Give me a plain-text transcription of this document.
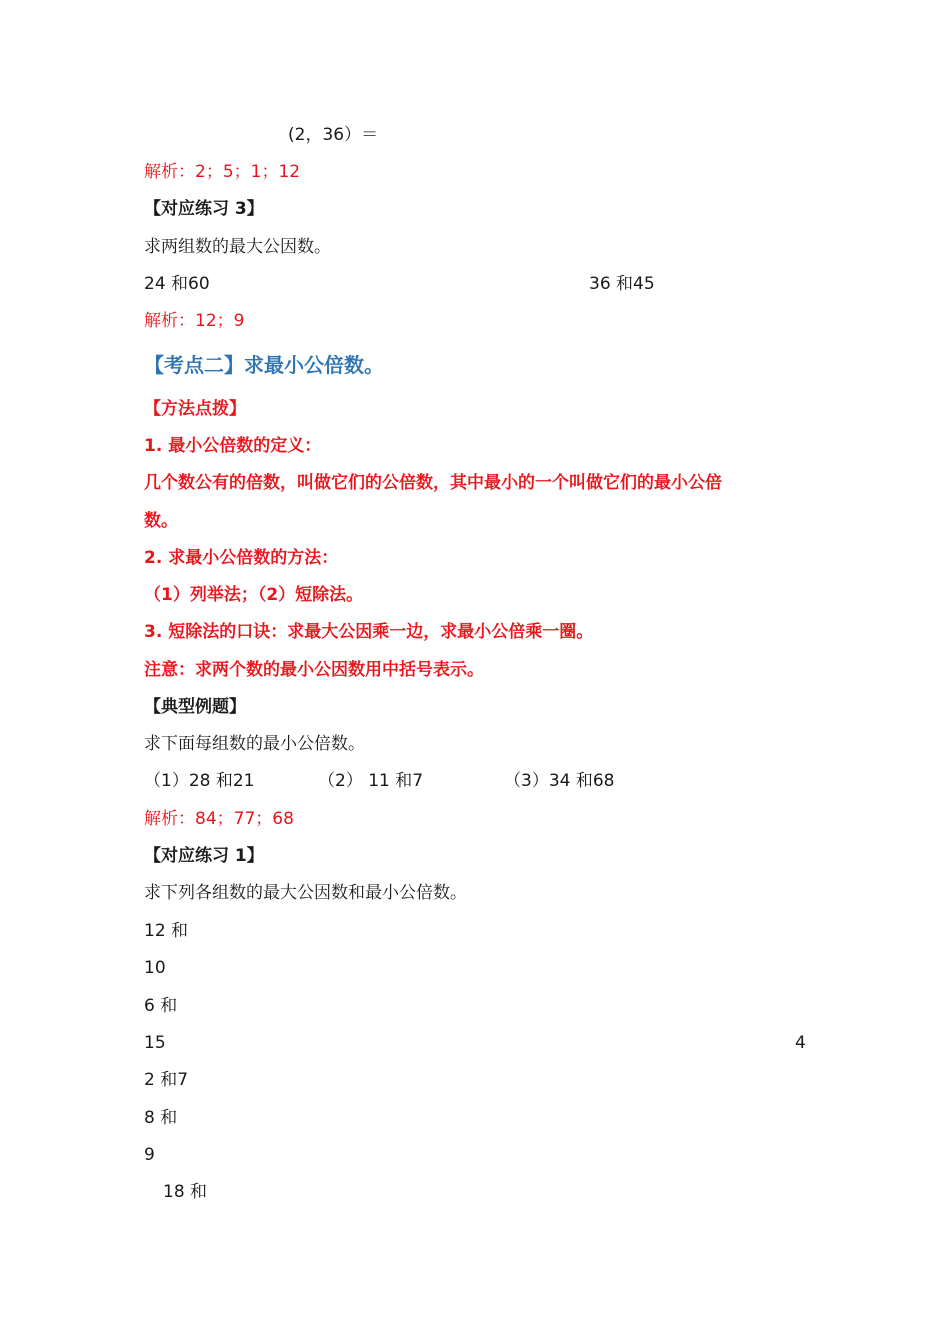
(2，36）＝
解析：2；5；1；12
【对应练习 3】
求两组数的最大公因数。
24 和60	36 和45
解析：12；9
【考点二】求最小公倍数。
【方法点拨】
1. 最小公倍数的定义：
几个数公有的倍数，叫做它们的公倍数，其中最小的一个叫做它们的最小公倍
数。
2. 求最小公倍数的方法：
（1）列举法；（2）短除法。
3. 短除法的口诀：求最大公因乘一边，求最小公倍乘一圈。
注意：求两个数的最小公因数用中括号表示。
【典型例题】
求下面每组数的最小公倍数。
（1）28 和21	（2） 11 和7	（3）34 和68
解析：84；77；68
【对应练习 1】
求下列各组数的最大公因数和最小公倍数。
12 和
10
6 和
15	4
2 和7
8 和
9
18 和
